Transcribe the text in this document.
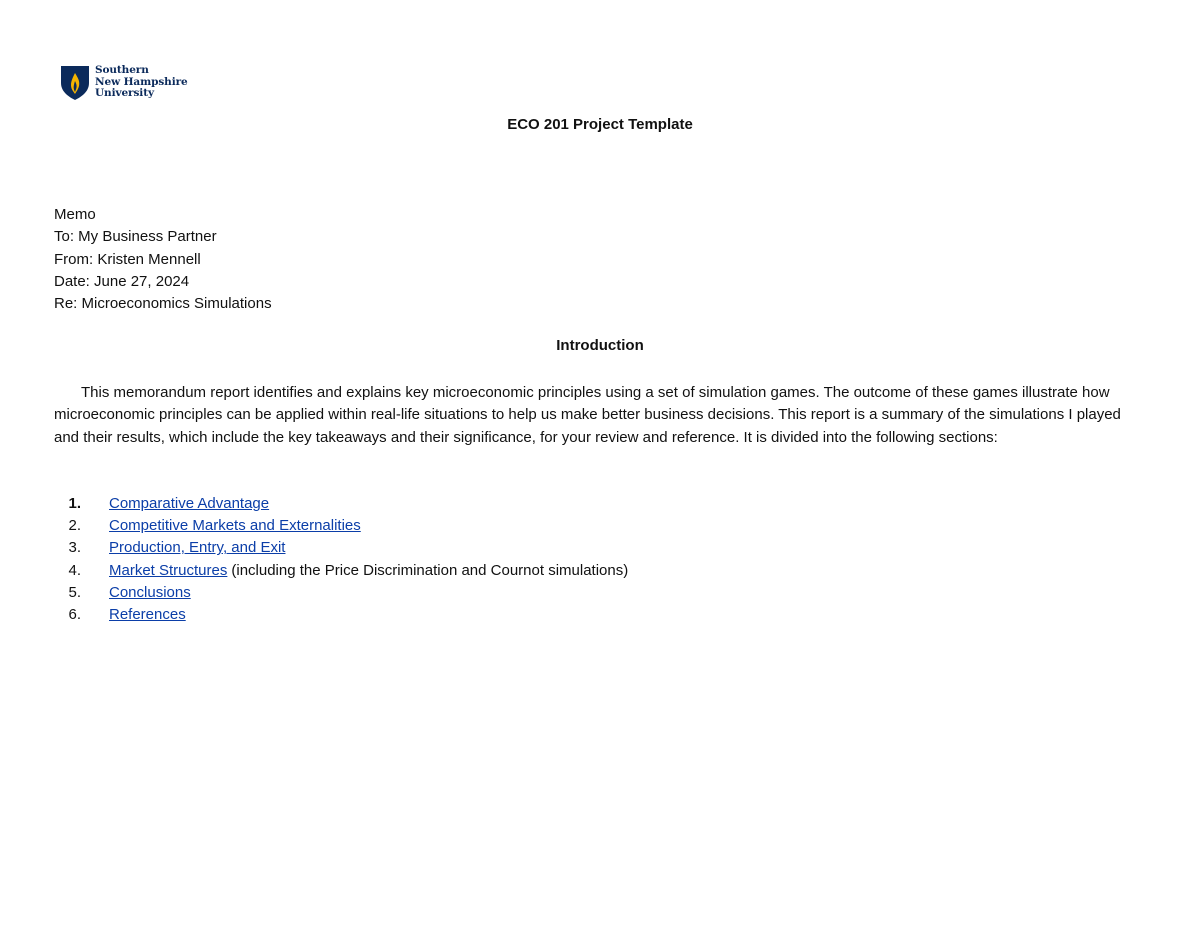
Southern
New Hampshire
University
ECO 201 Project Template
Memo
To: My Business Partner
From: Kristen Mennell
Date: June 27, 2024
Re: Microeconomics Simulations
Introduction

This memorandum report identifies and explains key microeconomic principles using a set of simulation games. The outcome of these games illustrate how microeconomic principles can be applied within real-life situations to help us make better business decisions. This report is a summary of the simulations I played and their results, which include the key takeaways and their significance, for your review and reference. It is divided into the following sections:

1. Comparative Advantage
2. Competitive Markets and Externalities
3. Production, Entry, and Exit
4. Market Structures (including the Price Discrimination and Cournot simulations)
5. Conclusions
6. References
